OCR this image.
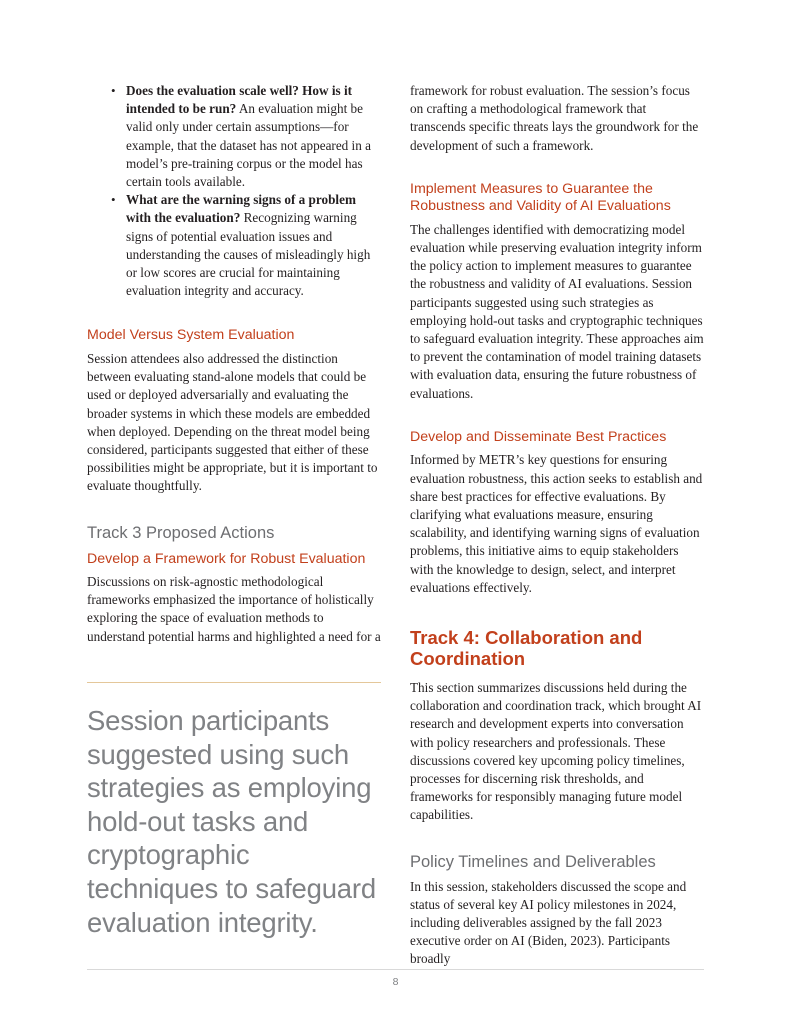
• Does the evaluation scale well? How is it intended to be run? An evaluation might be valid only under certain assumptions—for example, that the dataset has not appeared in a model’s pre-training corpus or the model has certain tools available.
• What are the warning signs of a problem with the evaluation? Recognizing warning signs of potential evaluation issues and understanding the causes of misleadingly high or low scores are crucial for maintaining evaluation integrity and accuracy.
Model Versus System Evaluation

Session attendees also addressed the distinction between evaluating stand-alone models that could be used or deployed adversarially and evaluating the broader systems in which these models are embedded when deployed. Depending on the threat model being considered, participants suggested that either of these possibilities might be appropriate, but it is important to evaluate thoughtfully.

Track 3 Proposed Actions
Develop a Framework for Robust Evaluation

Discussions on risk-agnostic methodological frameworks emphasized the importance of holistically exploring the space of evaluation methods to understand potential harms and highlighted a need for a

Session participants suggested using such strategies as employing hold-out tasks and cryptographic techniques to safeguard evaluation integrity.

framework for robust evaluation. The session’s focus on crafting a methodological framework that transcends specific threats lays the groundwork for the development of such a framework.

Implement Measures to Guarantee the Robustness and Validity of AI Evaluations

The challenges identified with democratizing model evaluation while preserving evaluation integrity inform the policy action to implement measures to guarantee the robustness and validity of AI evaluations. Session participants suggested using such strategies as employing hold-out tasks and cryptographic techniques to safeguard evaluation integrity. These approaches aim to prevent the contamination of model training datasets with evaluation data, ensuring the future robustness of evaluations.

Develop and Disseminate Best Practices

Informed by METR’s key questions for ensuring evaluation robustness, this action seeks to establish and share best practices for effective evaluations. By clarifying what evaluations measure, ensuring scalability, and identifying warning signs of evaluation problems, this initiative aims to equip stakeholders with the knowledge to design, select, and interpret evaluations effectively.

Track 4: Collaboration and Coordination

This section summarizes discussions held during the collaboration and coordination track, which brought AI research and development experts into conversation with policy researchers and professionals. These discussions covered key upcoming policy timelines, processes for discerning risk thresholds, and frameworks for responsibly managing future model capabilities.

Policy Timelines and Deliverables

In this session, stakeholders discussed the scope and status of several key AI policy milestones in 2024, including deliverables assigned by the fall 2023 executive order on AI (Biden, 2023). Participants broadly

8
